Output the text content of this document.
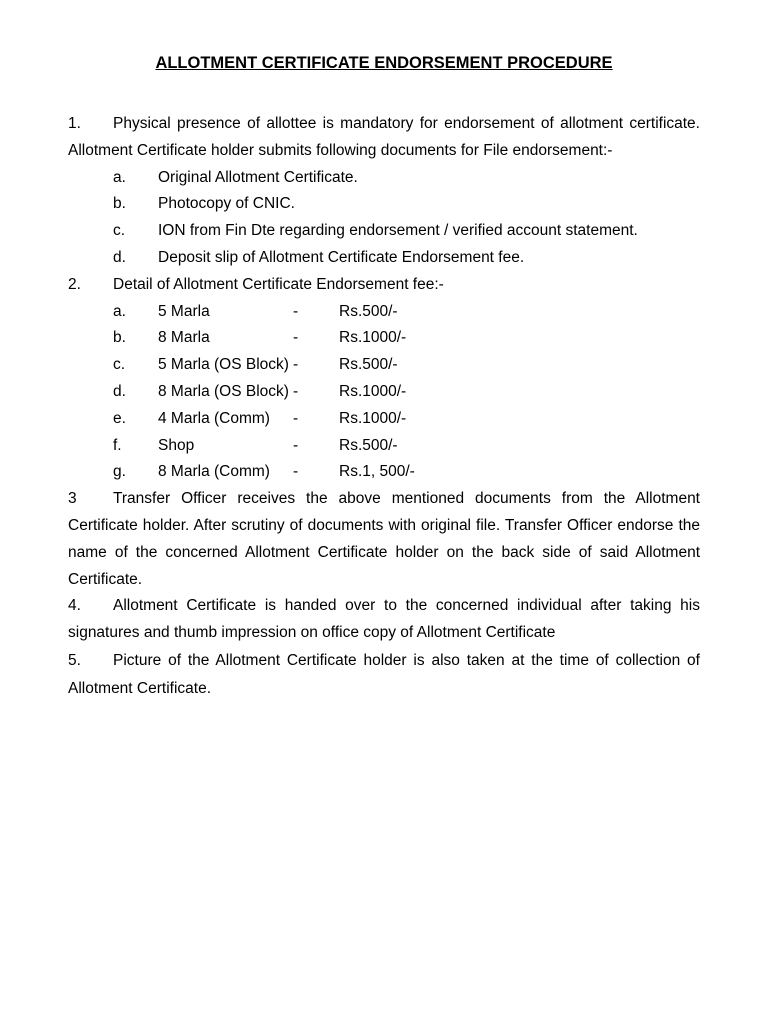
ALLOTMENT CERTIFICATE ENDORSEMENT PROCEDURE

1. Physical presence of allottee is mandatory for endorsement of allotment certificate. Allotment Certificate holder submits following documents for File endorsement:-

a. Original Allotment Certificate.
b. Photocopy of CNIC.
c. ION from Fin Dte regarding endorsement / verified account statement.
d. Deposit slip of Allotment Certificate Endorsement fee.

2. Detail of Allotment Certificate Endorsement fee:-

a. 5 Marla	-	Rs.500/-
b. 8 Marla	-	Rs.1000/-
c. 5 Marla (OS Block) -	Rs.500/-
d. 8 Marla (OS Block) -	Rs.1000/-
e. 4 Marla (Comm) -	Rs.1000/-
f. Shop	-	Rs.500/-
g. 8 Marla (Comm) -	Rs.1, 500/-

3 Transfer Officer receives the above mentioned documents from the Allotment Certificate holder. After scrutiny of documents with original file. Transfer Officer endorse the name of the concerned Allotment Certificate holder on the back side of said Allotment Certificate.

4. Allotment Certificate is handed over to the concerned individual after taking his signatures and thumb impression on office copy of Allotment Certificate

5. Picture of the Allotment Certificate holder is also taken at the time of collection of Allotment Certificate.
